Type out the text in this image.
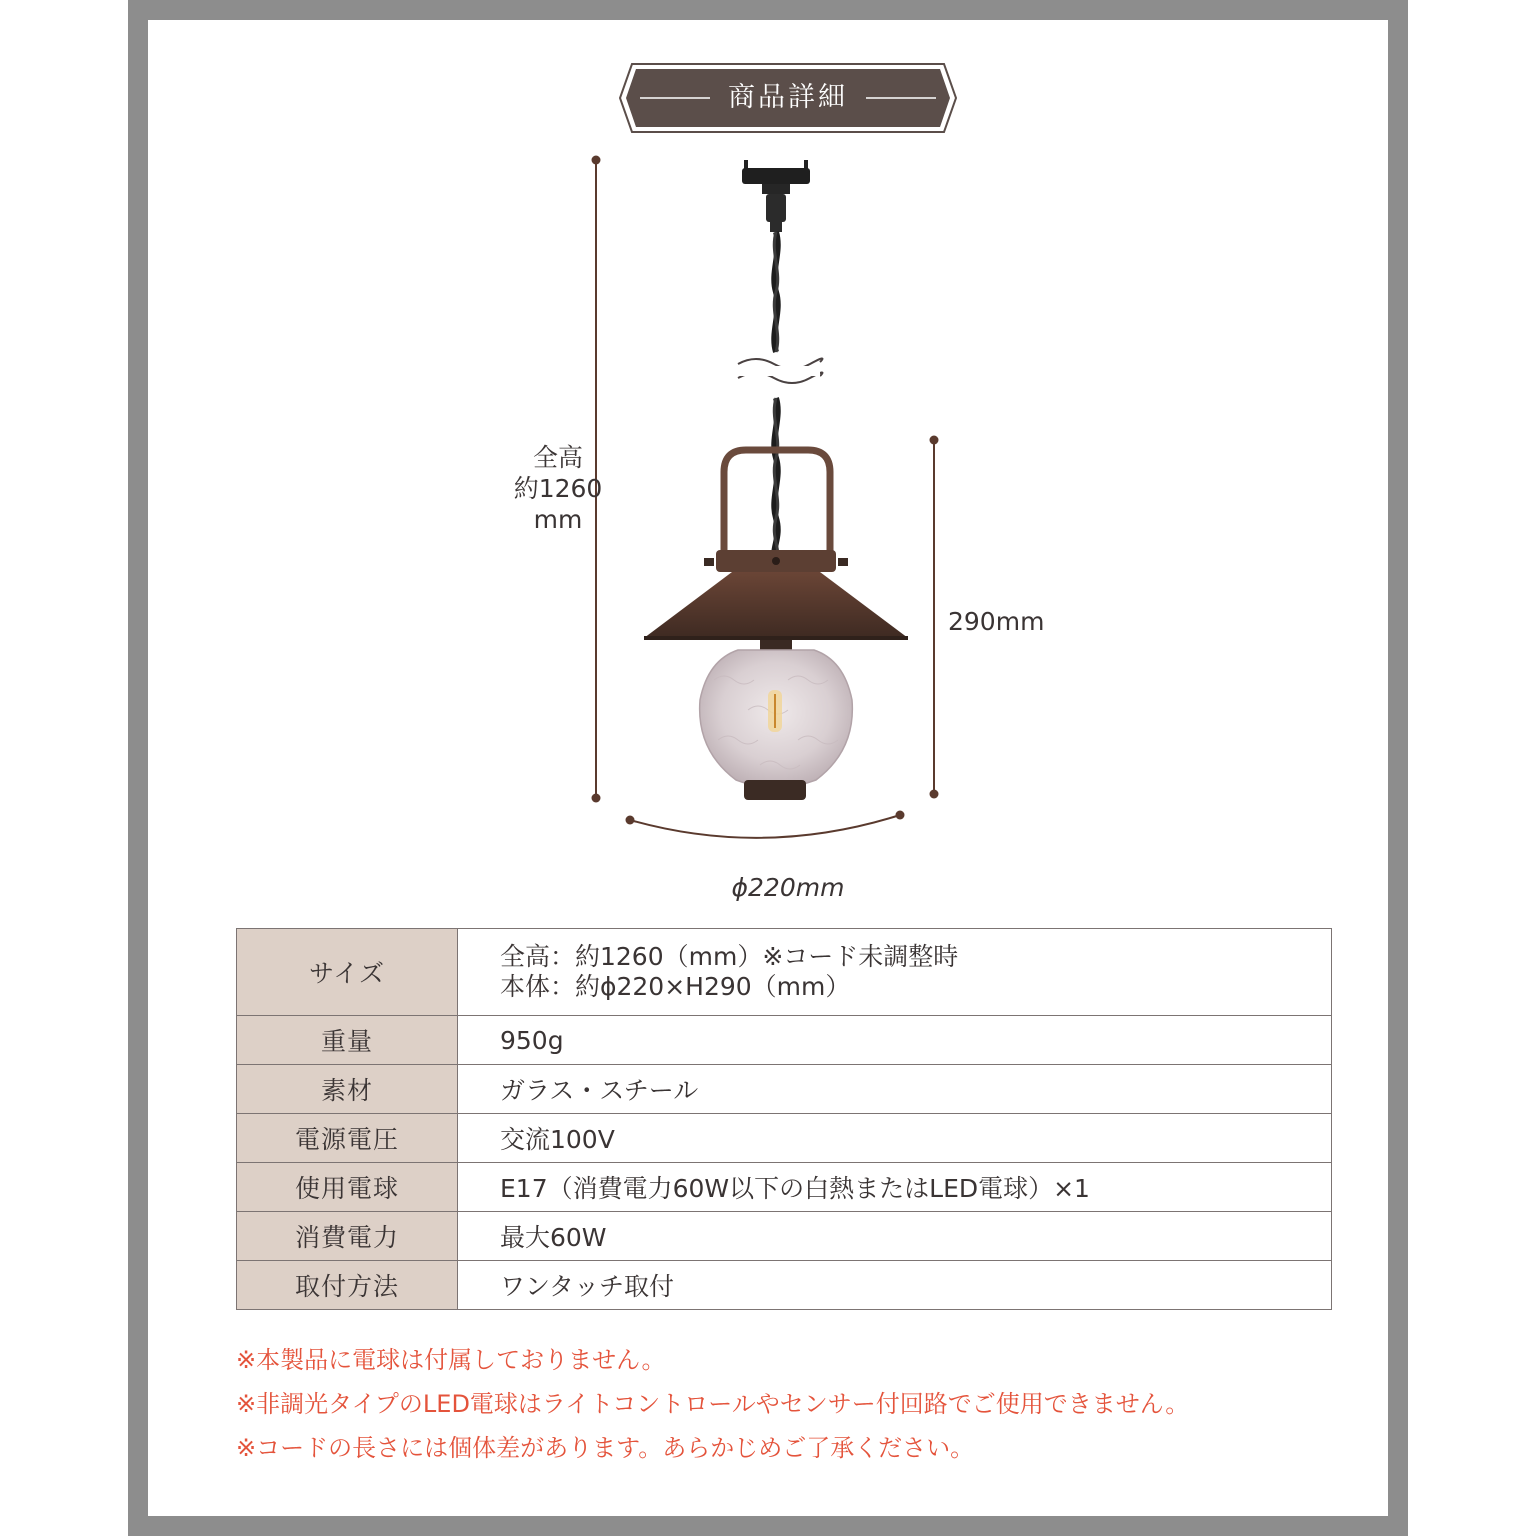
商品詳細
全高
約1260
mm
290mm
ϕ220mm
サイズ	全高：約1260（mm）※コード未調整時
本体：約ϕ220×H290（mm）

重量	950g
素材	ガラス・スチール
電源電圧	交流100V
使用電球	E17（消費電力60W以下の白熱またはLED電球）×1
消費電力	最大60W
取付方法	ワンタッチ取付
※本製品に電球は付属しておりません。
※非調光タイプのLED電球はライトコントロールやセンサー付回路でご使用できません。
※コードの長さには個体差があります。あらかじめご了承ください。
